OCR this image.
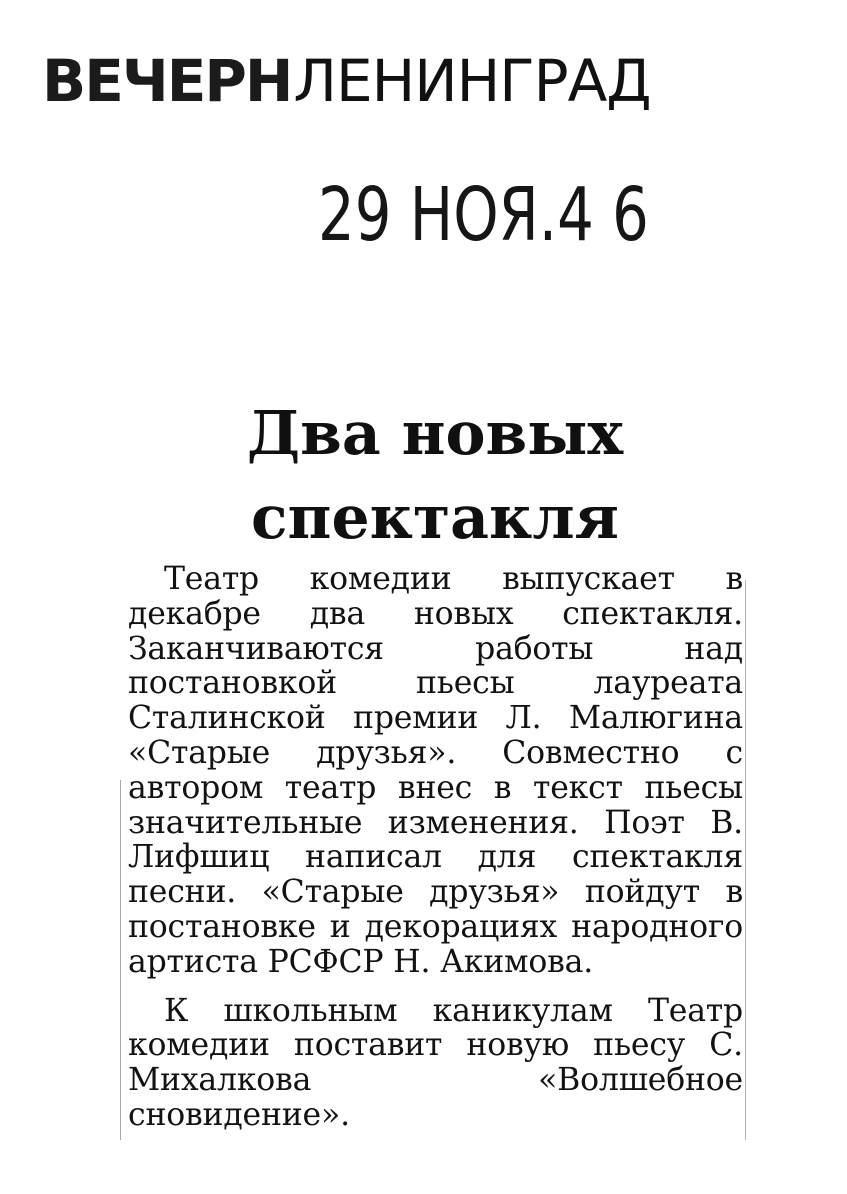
ВЕЧЕРНЛЕНИНГРАД
29 НОЯ.4 6
Два новых
спектакля

Театр комедии выпускает в декабре два новых спектакля. Заканчиваются работы над постановкой пьесы лауреата Сталинской премии Л. Малюгина «Старые друзья». Совместно с автором театр внес в текст пьесы значительные изменения. Поэт В. Лифшиц написал для спектакля песни. «Старые друзья» пойдут в постановке и декорациях народного артиста РСФСР Н. Акимова.

К школьным каникулам Театр комедии поставит новую пьесу С. Михалкова «Волшебное сновидение».
